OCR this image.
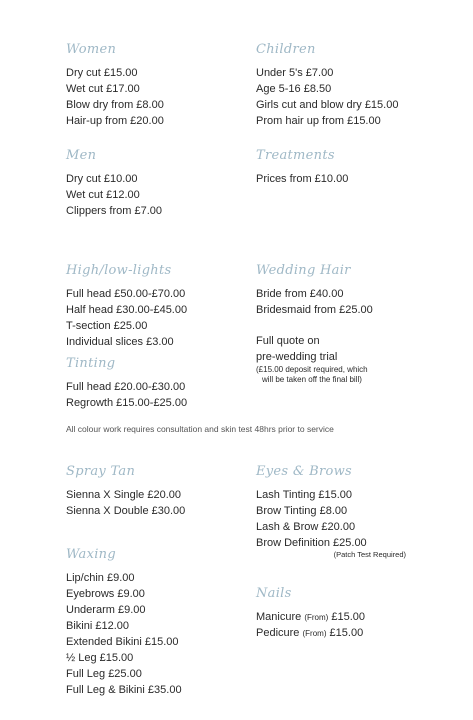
Women
Dry cut £15.00
Wet cut £17.00
Blow dry from £8.00
Hair-up from £20.00
Children
Under 5's £7.00
Age 5-16 £8.50
Girls cut and blow dry £15.00
Prom hair up from £15.00
Men
Dry cut £10.00
Wet cut £12.00
Clippers from £7.00
Treatments
Prices from £10.00
High/low-lights
Full head £50.00-£70.00
Half head £30.00-£45.00
T-section £25.00
Individual slices £3.00
Wedding Hair
Bride from £40.00
Bridesmaid from £25.00
Full quote on
pre-wedding trial
(£15.00 deposit required, which
will be taken off the final bill)
Tinting
Full head £20.00-£30.00
Regrowth £15.00-£25.00
All colour work requires consultation and skin test 48hrs prior to service
Spray Tan
Sienna X Single £20.00
Sienna X Double £30.00
Eyes & Brows
Lash Tinting £15.00
Brow Tinting £8.00
Lash & Brow £20.00
Brow Definition £25.00
(Patch Test Required)
Waxing
Lip/chin £9.00
Eyebrows £9.00
Underarm £9.00
Bikini £12.00
Extended Bikini £15.00
½ Leg £15.00
Full Leg £25.00
Full Leg & Bikini £35.00
Nails
Manicure (From) £15.00
Pedicure (From) £15.00
